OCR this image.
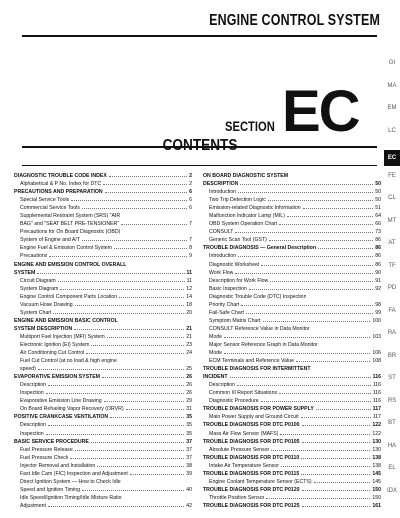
ENGINE CONTROL SYSTEM
SECTION EC
CONTENTS
GI
MA
EM
LC
EC
FE
CL
MT
AT
TF
PD
FA
RA
BR
ST
RS
BT
HA
EL
IDX
DIAGNOSTIC TROUBLE CODE INDEX	2
Alphabetical & P No. Index for DTC	2
PRECAUTIONS AND PREPARATION	6
Special Service Tools	6
Commercial Service Tools	6
Supplemental Restraint System (SRS) "AIR
BAG" and "SEAT BELT PRE-TENSIONER"	7
Precautions for On Board Diagnostic (OBD)
System of Engine and A/T	7
Engine Fuel & Emission Control System	8
Precautions	9
ENGINE AND EMISSION CONTROL OVERALL
SYSTEM	11
Circuit Diagram	11
System Diagram	12
Engine Control Component Parts Location	14
Vacuum Hose Drawing	18
System Chart	20
ENGINE AND EMISSION BASIC CONTROL
SYSTEM DESCRIPTION	21
Multiport Fuel Injection (MFI) System	21
Electronic Ignition (EI) System	23
Air Conditioning Cut Control	24
Fuel Cut Control (at no load & high engine
speed)	25
EVAPORATIVE EMISSION SYSTEM	26
Description	26
Inspection	26
Evaporative Emission Line Drawing	29
On Board Refueling Vapor Recovery (ORVR)	31
POSITIVE CRANKCASE VENTILATION	35
Description	35
Inspection	35
BASIC SERVICE PROCEDURE	37
Fuel Pressure Release	37
Fuel Pressure Check	37
Injector Removal and Installation	38
Fast Idle Cam (FIC) Inspection and Adjustment	39
Direct Ignition System — How to Check Idle
Speed and Ignition Timing	40
Idle Speed/Ignition Timing/Idle Mixture Ratio
Adjustment	42
ON BOARD DIAGNOSTIC SYSTEM
DESCRIPTION	50
Introduction	50
Two Trip Detection Logic	50
Emission-related Diagnostic Information	51
Malfunction Indicator Lamp (MIL)	64
OBD System Operation Chart	66
CONSULT	73
Generic Scan Tool (GST)	86
TROUBLE DIAGNOSIS — General Description	86
Introduction	86
Diagnostic Worksheet	86
Work Flow	90
Description for Work Flow	91
Basic Inspection	92
Diagnostic Trouble Code (DTC) Inspection
Priority Chart	98
Fail-Safe Chart	99
Symptom Matrix Chart	100
CONSULT Reference Value in Data Monitor
Mode	103
Major Sensor Reference Graph in Data Monitor
Mode	106
ECM Terminals and Reference Value	108
TROUBLE DIAGNOSIS FOR INTERMITTENT
INCIDENT	116
Description	116
Common I/I Report Situations	116
Diagnostic Procedure	116
TROUBLE DIAGNOSIS FOR POWER SUPPLY	117
Main Power Supply and Ground Circuit	117
TROUBLE DIAGNOSIS FOR DTC P0100	122
Mass Air Flow Sensor (MAFS)	122
TROUBLE DIAGNOSIS FOR DTC P0105	130
Absolute Pressure Sensor	130
TROUBLE DIAGNOSIS FOR DTC P0110	138
Intake Air Temperature Sensor	138
TROUBLE DIAGNOSIS FOR DTC P0115	145
Engine Coolant Temperature Sensor (ECTS)	145
TROUBLE DIAGNOSIS FOR DTC P0120	150
Throttle Position Sensor	150
TROUBLE DIAGNOSIS FOR DTC P0125	161
